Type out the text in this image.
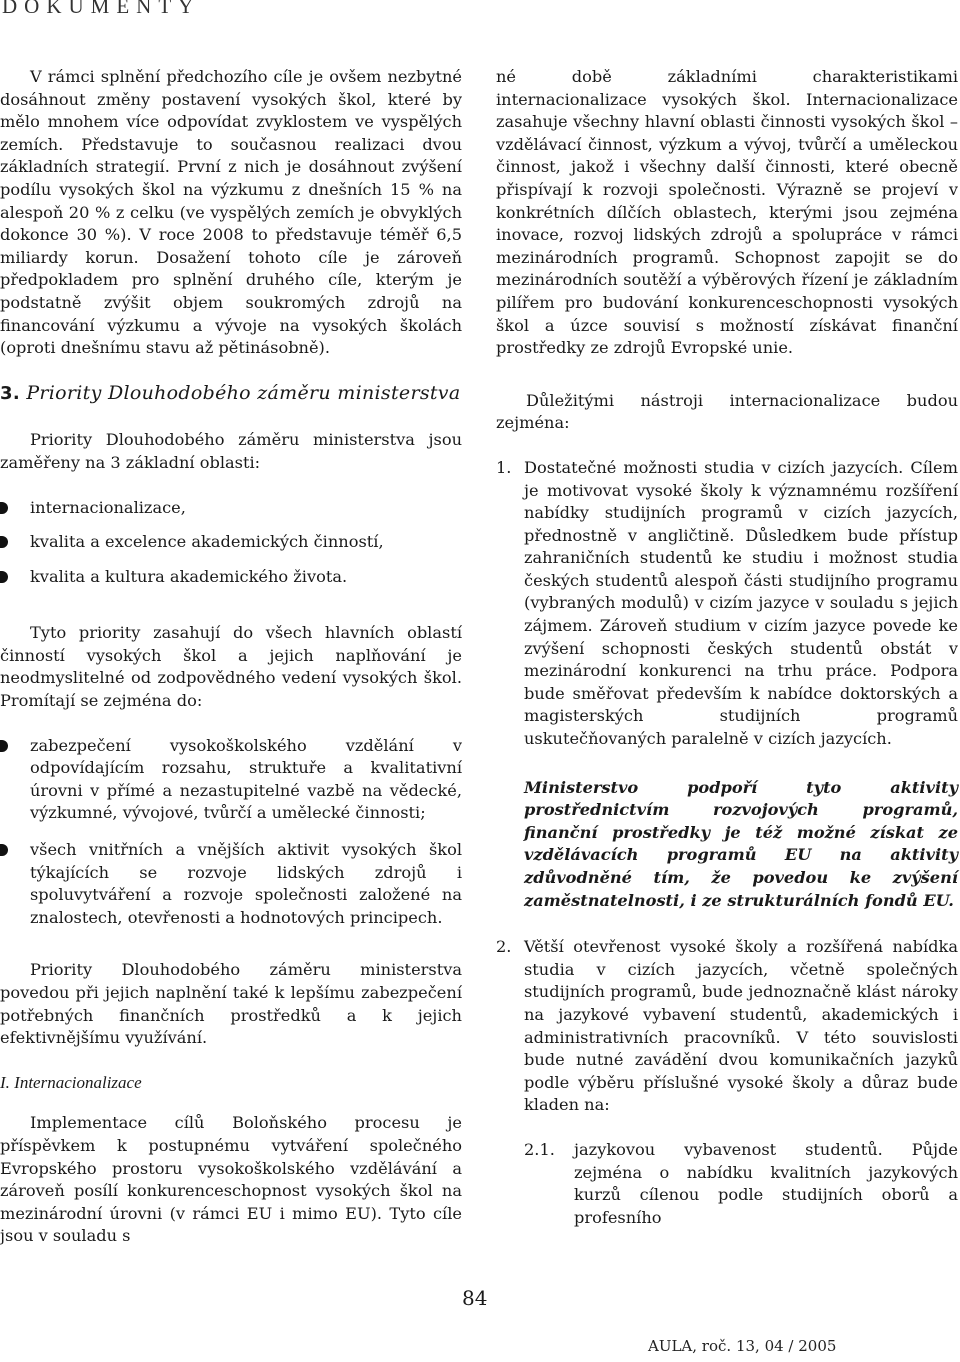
DOKUMENTY

V rámci splnění předchozího cíle je ovšem nezbytné dosáhnout změny postavení vysokých škol, které by mělo mnohem více odpovídat zvyklostem ve vyspělých zemích. Představuje to současnou realizaci dvou základních strategií. První z nich je dosáhnout zvýšení podílu vysokých škol na výzkumu z dnešních 15 % na alespoň 20 % z celku (ve vyspělých zemích je obvyklých dokonce 30 %). V roce 2008 to představuje téměř 6,5 miliardy korun. Dosažení tohoto cíle je zároveň předpokladem pro splnění druhého cíle, kterým je podstatně zvýšit objem soukromých zdrojů na financování výzkumu a vývoje na vysokých školách (oproti dnešnímu stavu až pětinásobně).

3. Priority Dlouhodobého záměru ministerstva

Priority Dlouhodobého záměru ministerstva jsou zaměřeny na 3 základní oblasti:

internacionalizace,
kvalita a excelence akademických činností,
kvalita a kultura akademického života.

Tyto priority zasahují do všech hlavních oblastí činností vysokých škol a jejich naplňování je neodmyslitelné od zodpovědného vedení vysokých škol. Promítají se zejména do:

zabezpečení vysokoškolského vzdělání v odpovídajícím rozsahu, struktuře a kvalitativní úrovni v přímé a nezastupitelné vazbě na vědecké, výzkumné, vývojové, tvůrčí a umělecké činnosti;
všech vnitřních a vnějších aktivit vysokých škol týkajících se rozvoje lidských zdrojů i spoluvytváření a rozvoje společnosti založené na znalostech, otevřenosti a hodnotových principech.

Priority Dlouhodobého záměru ministerstva povedou při jejich naplnění také k lepšímu zabezpečení potřebných finančních prostředků a k jejich efektivnějšímu využívání.

I. Internacionalizace

Implementace cílů Boloňského procesu je příspěvkem k postupnému vytváření společného Evropského prostoru vysokoškolského vzdělávání a zároveň posílí konkurenceschopnost vysokých škol na mezinárodní úrovni (v rámci EU i mimo EU). Tyto cíle jsou v souladu s

né době základními charakteristikami internacionalizace vysokých škol. Internacionalizace zasahuje všechny hlavní oblasti činnosti vysokých škol – vzdělávací činnost, výzkum a vývoj, tvůrčí a uměleckou činnost, jakož i všechny další činnosti, které obecně přispívají k rozvoji společnosti. Výrazně se projeví v konkrétních dílčích oblastech, kterými jsou zejména inovace, rozvoj lidských zdrojů a spolupráce v rámci mezinárodních programů. Schopnost zapojit se do mezinárodních soutěží a výběrových řízení je základním pilířem pro budování konkurenceschopnosti vysokých škol a úzce souvisí s možností získávat finanční prostředky ze zdrojů Evropské unie.

Důležitými nástroji internacionalizace budou zejména:

1. Dostatečné možnosti studia v cizích jazycích. Cílem je motivovat vysoké školy k významnému rozšíření nabídky studijních programů v cizích jazycích, přednostně v angličtině. Důsledkem bude přístup zahraničních studentů ke studiu i možnost studia českých studentů alespoň části studijního programu (vybraných modulů) v cizím jazyce v souladu s jejich zájmem. Zároveň studium v cizím jazyce povede ke zvýšení schopnosti českých studentů obstát v mezinárodní konkurenci na trhu práce. Podpora bude směřovat především k nabídce doktorských a magisterských studijních programů uskutečňovaných paralelně v cizích jazycích.

Ministerstvo podpoří tyto aktivity prostřednictvím rozvojových programů, finanční prostředky je též možné získat ze vzdělávacích programů EU na aktivity zdůvodněné tím, že povedou ke zvýšení zaměstnatelnosti, i ze strukturálních fondů EU.

2. Větší otevřenost vysoké školy a rozšířená nabídka studia v cizích jazycích, včetně společných studijních programů, bude jednoznačně klást nároky na jazykové vybavení studentů, akademických i administrativních pracovníků. V této souvislosti bude nutné zavádění dvou komunikačních jazyků podle výběru příslušné vysoké školy a důraz bude kladen na:
2.1. jazykovou vybavenost studentů. Půjde zejména o nabídku kvalitních jazykových kurzů cílenou podle studijních oborů a profesního
84
AULA, roč. 13, 04 / 2005
